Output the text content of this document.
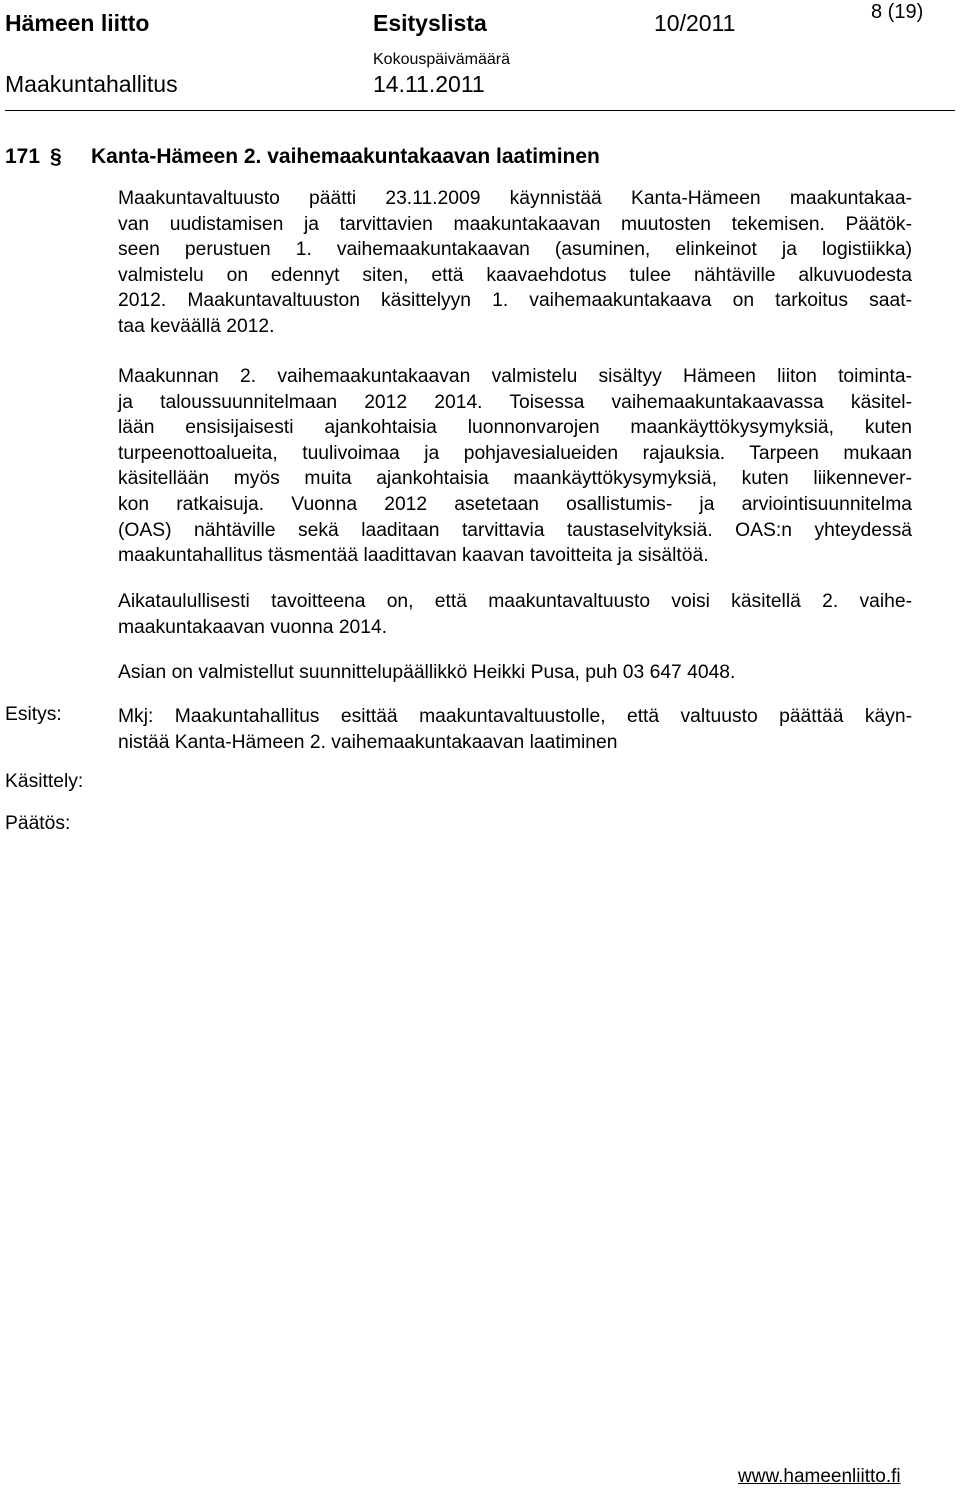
Hämeen liitto	Esityslista	10/2011	8 (19)
Maakuntahallitus
Kokouspäivämäärä
14.11.2011
171 § Kanta-Hämeen 2. vaihemaakuntakaavan laatiminen
Maakuntavaltuusto päätti 23.11.2009 käynnistää Kanta-Hämeen maakuntakaa-
van uudistamisen ja tarvittavien maakuntakaavan muutosten tekemisen. Päätök-
seen perustuen 1. vaihemaakuntakaavan (asuminen, elinkeinot ja logistiikka)
valmistelu on edennyt siten, että kaavaehdotus tulee nähtäville alkuvuodesta
2012. Maakuntavaltuuston käsittelyyn 1. vaihemaakuntakaava on tarkoitus saat-
taa keväällä 2012.
Maakunnan 2. vaihemaakuntakaavan valmistelu sisältyy Hämeen liiton toiminta-
ja taloussuunnitelmaan 2012 2014. Toisessa vaihemaakuntakaavassa käsitel-
lään ensisijaisesti ajankohtaisia luonnonvarojen maankäyttökysymyksiä, kuten
turpeenottoalueita, tuulivoimaa ja pohjavesialueiden rajauksia. Tarpeen mukaan
käsitellään myös muita ajankohtaisia maankäyttökysymyksiä, kuten liikennever-
kon ratkaisuja. Vuonna 2012 asetetaan osallistumis- ja arviointisuunnitelma
(OAS) nähtäville sekä laaditaan tarvittavia taustaselvityksiä. OAS:n yhteydessä
maakuntahallitus täsmentää laadittavan kaavan tavoitteita ja sisältöä.
Aikataulullisesti tavoitteena on, että maakuntavaltuusto voisi käsitellä 2. vaihe-
maakuntakaavan vuonna 2014.
Asian on valmistellut suunnittelupäällikkö Heikki Pusa, puh 03 647 4048.
Esitys:	Mkj: Maakuntahallitus esittää maakuntavaltuustolle, että valtuusto päättää käyn-
nistää Kanta-Hämeen 2. vaihemaakuntakaavan laatiminen
Käsittely:
Päätös:
www.hameenliitto.fi
